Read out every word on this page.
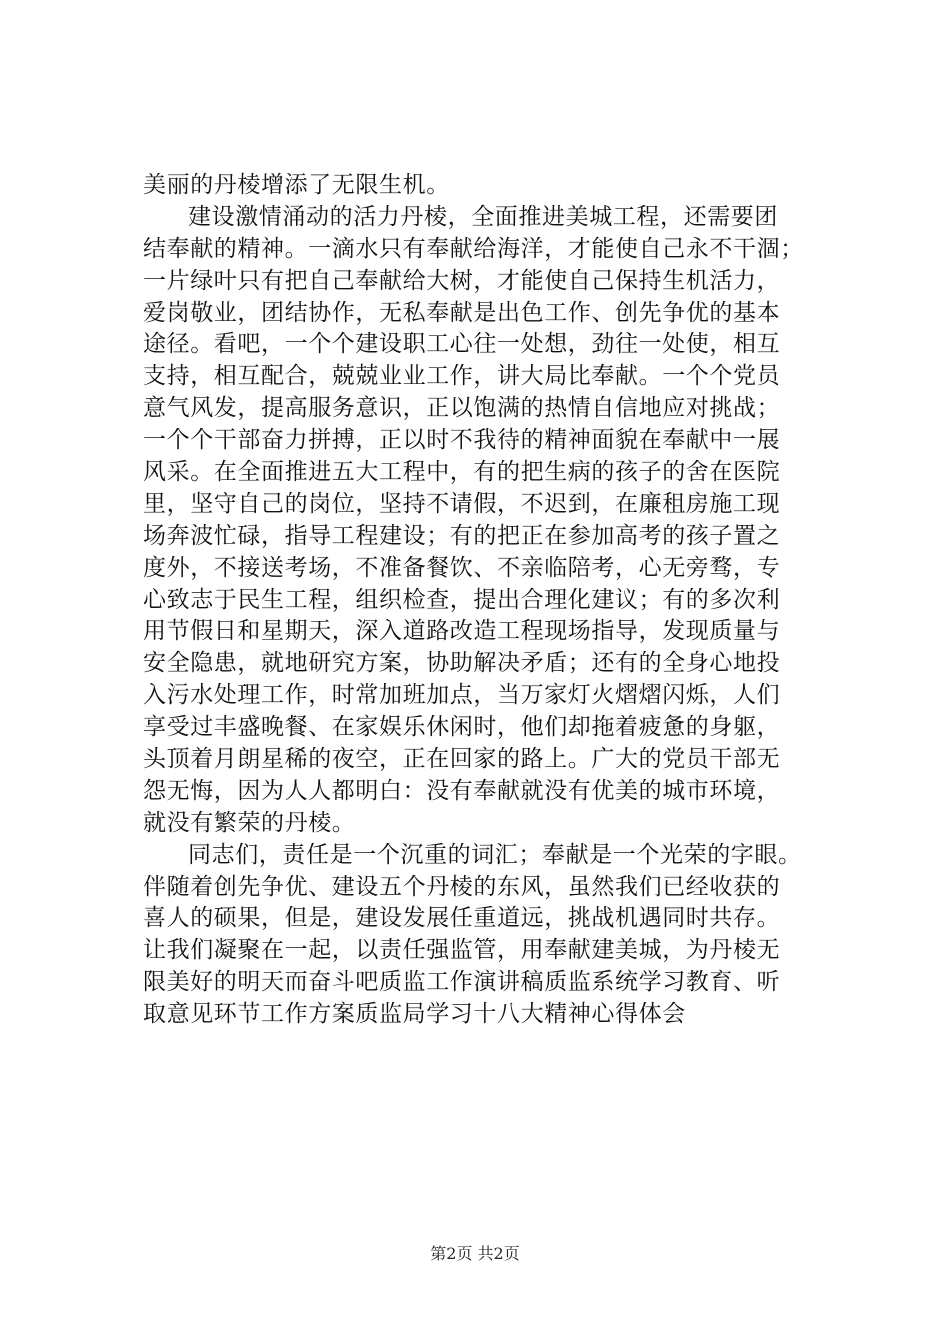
美丽的丹棱增添了无限生机。
建设激情涌动的活力丹棱，全面推进美城工程，还需要团
结奉献的精神。一滴水只有奉献给海洋，才能使自己永不干涸；
一片绿叶只有把自己奉献给大树，才能使自己保持生机活力，
爱岗敬业，团结协作，无私奉献是出色工作、创先争优的基本
途径。看吧，一个个建设职工心往一处想，劲往一处使，相互
支持，相互配合，兢兢业业工作，讲大局比奉献。一个个党员
意气风发，提高服务意识，正以饱满的热情自信地应对挑战；
一个个干部奋力拼搏，正以时不我待的精神面貌在奉献中一展
风采。在全面推进五大工程中，有的把生病的孩子的舍在医院
里，坚守自己的岗位，坚持不请假，不迟到，在廉租房施工现
场奔波忙碌，指导工程建设；有的把正在参加高考的孩子置之
度外，不接送考场，不准备餐饮、不亲临陪考，心无旁骛，专
心致志于民生工程，组织检查，提出合理化建议；有的多次利
用节假日和星期天，深入道路改造工程现场指导，发现质量与
安全隐患，就地研究方案，协助解决矛盾；还有的全身心地投
入污水处理工作，时常加班加点，当万家灯火熠熠闪烁，人们
享受过丰盛晚餐、在家娱乐休闲时，他们却拖着疲惫的身躯，
头顶着月朗星稀的夜空，正在回家的路上。广大的党员干部无
怨无悔，因为人人都明白：没有奉献就没有优美的城市环境，
就没有繁荣的丹棱。
同志们，责任是一个沉重的词汇；奉献是一个光荣的字眼。
伴随着创先争优、建设五个丹棱的东风，虽然我们已经收获的
喜人的硕果，但是，建设发展任重道远，挑战机遇同时共存。
让我们凝聚在一起，以责任强监管，用奉献建美城，为丹棱无
限美好的明天而奋斗吧质监工作演讲稿质监系统学习教育、听
取意见环节工作方案质监局学习十八大精神心得体会
第2页 共2页
